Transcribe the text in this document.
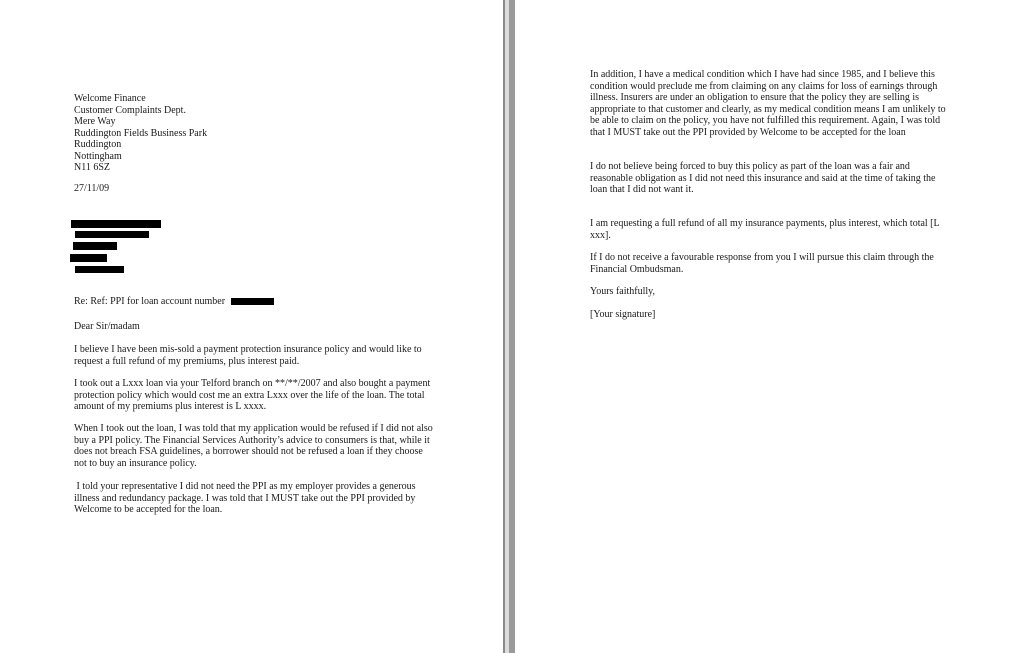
Welcome Finance
Customer Complaints Dept.
Mere Way
Ruddington Fields Business Park
Ruddington
Nottingham
N11 6SZ
27/11/09
Re: Ref: PPI for loan account number
Dear Sir/madam
I believe I have been mis-sold a payment protection insurance policy and would like to
request a full refund of my premiums, plus interest paid.
I took out a Lxxx loan via your Telford branch on **/**/2007 and also bought a payment
protection policy which would cost me an extra Lxxx over the life of the loan. The total
amount of my premiums plus interest is L xxxx.
When I took out the loan, I was told that my application would be refused if I did not also
buy a PPI policy. The Financial Services Authority’s advice to consumers is that, while it
does not breach FSA guidelines, a borrower should not be refused a loan if they choose
not to buy an insurance policy.
I told your representative I did not need the PPI as my employer provides a generous
illness and redundancy package. I was told that I MUST take out the PPI provided by
Welcome to be accepted for the loan.
In addition, I have a medical condition which I have had since 1985, and I believe this
condition would preclude me from claiming on any claims for loss of earnings through
illness. Insurers are under an obligation to ensure that the policy they are selling is
appropriate to that customer and clearly, as my medical condition means I am unlikely to
be able to claim on the policy, you have not fulfilled this requirement. Again, I was told
that I MUST take out the PPI provided by Welcome to be accepted for the loan
I do not believe being forced to buy this policy as part of the loan was a fair and
reasonable obligation as I did not need this insurance and said at the time of taking the
loan that I did not want it.
I am requesting a full refund of all my insurance payments, plus interest, which total [L
xxx].
If I do not receive a favourable response from you I will pursue this claim through the
Financial Ombudsman.
Yours faithfully,
[Your signature]
